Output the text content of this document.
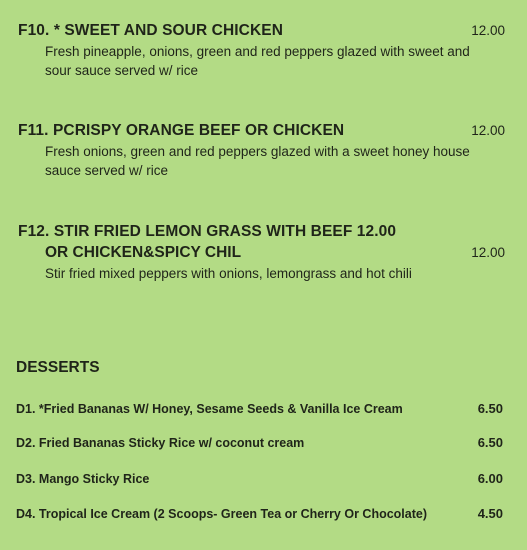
F10. * SWEET AND SOUR CHICKEN	12.00
Fresh pineapple, onions, green and red peppers glazed with sweet and sour sauce served w/ rice
F11. PCRISPY ORANGE BEEF OR CHICKEN	12.00
Fresh onions, green and red peppers glazed with a sweet honey house sauce served w/ rice
F12. STIR FRIED LEMON GRASS WITH BEEF 12.00
OR CHICKEN&SPICY CHIL	12.00
Stir fried mixed peppers with onions, lemongrass and hot chili
DESSERTS
D1. *Fried Bananas W/ Honey, Sesame Seeds & Vanilla Ice Cream	6.50
D2. Fried Bananas Sticky Rice w/ coconut cream	6.50
D3. Mango Sticky Rice	6.00
D4. Tropical Ice Cream (2 Scoops- Green Tea or Cherry Or Chocolate)	4.50
